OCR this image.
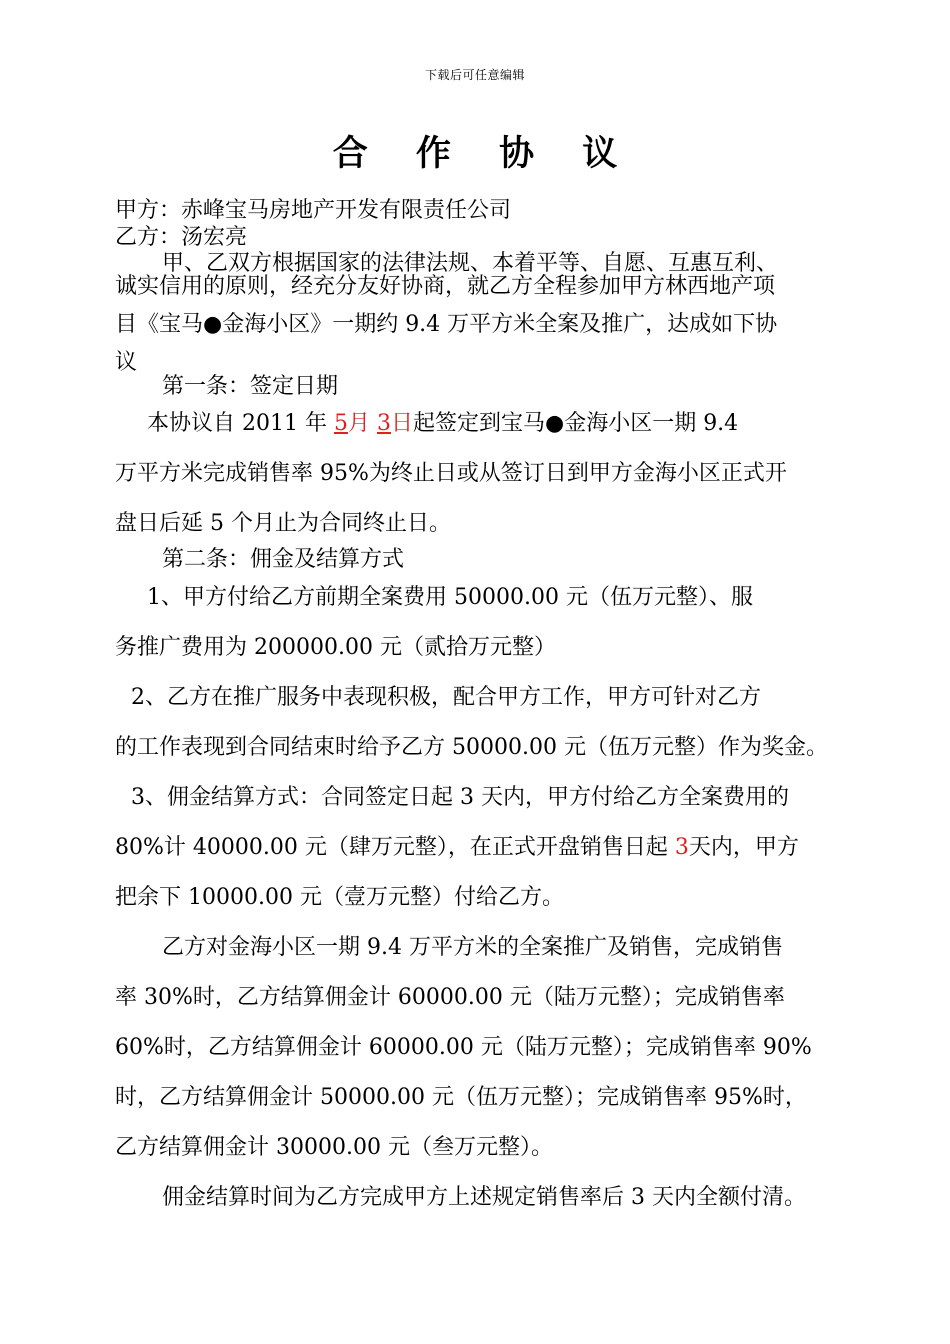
下载后可任意编辑
合 作 协 议
甲方：赤峰宝马房地产开发有限责任公司
乙方：汤宏亮
甲、乙双方根据国家的法律法规、本着平等、自愿、互惠互利、
诚实信用的原则，经充分友好协商，就乙方全程参加甲方林西地产项
目《宝马●金海小区》一期约 9.4 万平方米全案及推广，达成如下协
议
第一条：签定日期
本协议自 2011 年 5月 3日起签定到宝马●金海小区一期 9.4
万平方米完成销售率 95%为终止日或从签订日到甲方金海小区正式开
盘日后延 5 个月止为合同终止日。
第二条：佣金及结算方式
1、甲方付给乙方前期全案费用 50000.00 元（伍万元整）、服
务推广费用为 200000.00 元（贰拾万元整）
2、乙方在推广服务中表现积极，配合甲方工作，甲方可针对乙方
的工作表现到合同结束时给予乙方 50000.00 元（伍万元整）作为奖金。
3、佣金结算方式：合同签定日起 3 天内，甲方付给乙方全案费用的
80%计 40000.00 元（肆万元整），在正式开盘销售日起 3天内，甲方
把余下 10000.00 元（壹万元整）付给乙方。
乙方对金海小区一期 9.4 万平方米的全案推广及销售，完成销售
率 30%时，乙方结算佣金计 60000.00 元（陆万元整）；完成销售率
60%时，乙方结算佣金计 60000.00 元（陆万元整）；完成销售率 90%
时，乙方结算佣金计 50000.00 元（伍万元整）；完成销售率 95%时，
乙方结算佣金计 30000.00 元（叁万元整）。
佣金结算时间为乙方完成甲方上述规定销售率后 3 天内全额付清。
